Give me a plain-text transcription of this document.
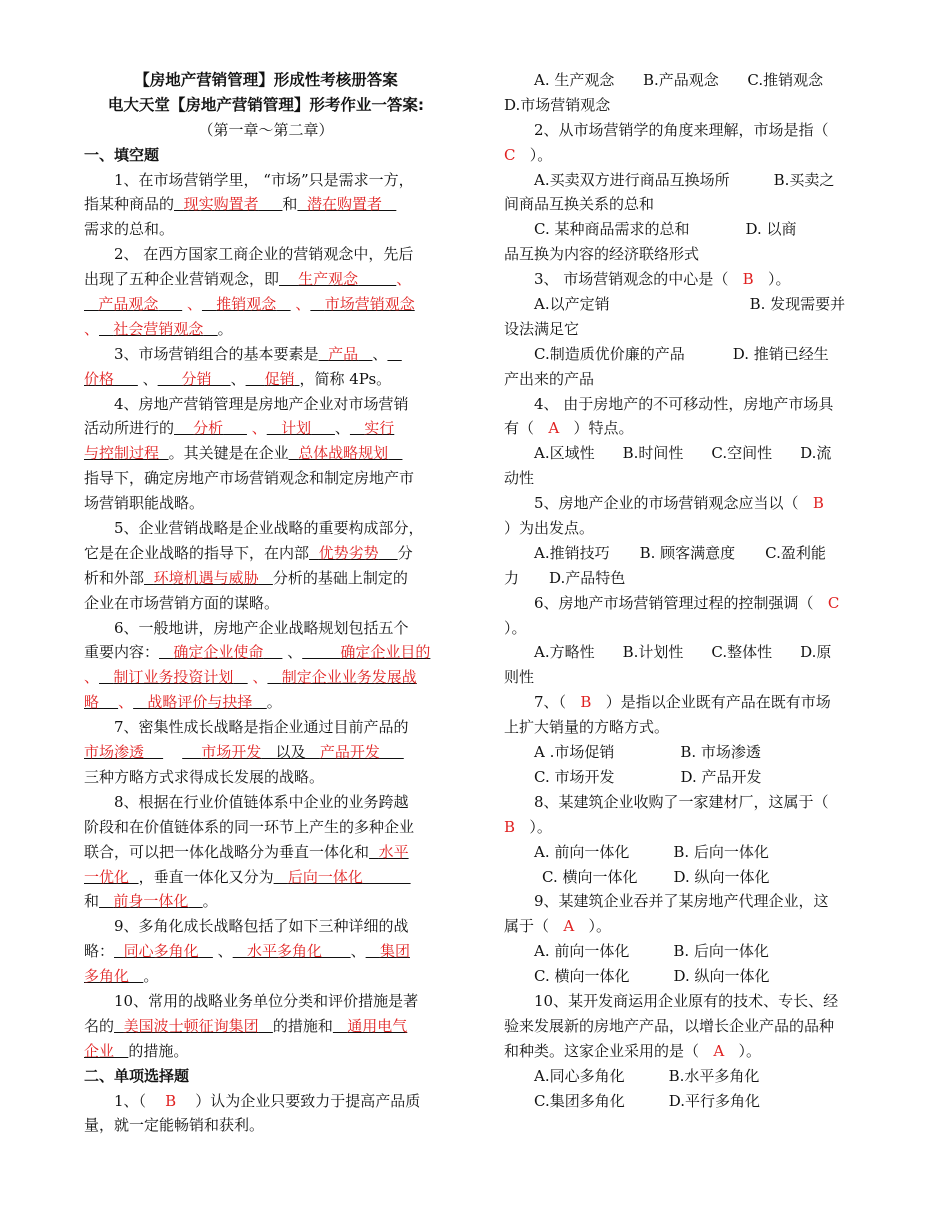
【房地产营销管理】形成性考核册答案
电大天堂【房地产营销管理】形考作业一答案:
（第一章～第二章）
一、填空题
1、在市场营销学里， “市场”只是需求一方，
指某种商品的 现实购置者 和 潜在购置者
需求的总和。
2、 在西方国家工商企业的营销观念中，先后
出现了五种企业营销观念，即 生产观念	、
产品观念      、 推销观念    、 市场营销观念
、 社会营销观念 。
3、市场营销组合的基本要素是 产品 、
价格      、 分销 、 促销 ，简称 4Ps。
4、房地产营销管理是房地产企业对市场营销
活动所进行的 分析 、 计划 、 实行
与控制过程 。其关键是在企业 总体战略规划
指导下，确定房地产市场营销观念和制定房地产市
场营销职能战略。
5、企业营销战略是企业战略的重要构成部分，
它是在企业战略的指导下，在内部 优势劣势 分
析和外部 环境机遇与威胁 分析的基础上制定的
企业在市场营销方面的谋略。
6、一般地讲，房地产企业战略规划包括五个
重要内容： 确定企业使命     、	确定企业目的
、 制订业务投资计划 、 制定企业业务发展战
略 、 战略评价与抉择 。
7、密集性成长战略是指企业通过目前产品的
市场渗透	市场开发 以及 产品开发
三种方略方式求得成长发展的战略。
8、根据在行业价值链体系中企业的业务跨越
阶段和在价值链体系的同一环节上产生的多种企业
联合，可以把一体化战略分为垂直一体化和 水平
一优化 ，垂直一体化又分为 后向一体化
和 前身一体化 。
9、多角化成长战略包括了如下三种详细的战
略： 同心多角化    、 水平多角化 、 集团
多角化 。
10、常用的战略业务单位分类和评价措施是著
名的 美国波士顿征询集团 的措施和 通用电气
企业 的措施。
二、单项选择题
1、（ B ）认为企业只要致力于提高产品质
量，就一定能畅销和获利。
A. 生产观念 B.产品观念 C.推销观念
D.市场营销观念
2、从市场营销学的角度来理解，市场是指（
C ）。
A.买卖双方进行商品互换场所	B.买卖之
间商品互换关系的总和
C. 某种商品需求的总和	D. 以商
品互换为内容的经济联络形式
3、 市场营销观念的中心是（ B ）。
A.以产定销	B. 发现需要并
设法满足它
C.制造质优价廉的产品	D. 推销已经生
产出来的产品
4、 由于房地产的不可移动性，房地产市场具
有（ A ）特点。
A.区域性 B.时间性 C.空间性 D.流
动性
5、房地产企业的市场营销观念应当以（ B
）为出发点。
A.推销技巧 B. 顾客满意度 C.盈利能
力 D.产品特色
6、房地产市场营销管理过程的控制强调（ C
）。
A.方略性 B.计划性 C.整体性 D.原
则性
7、（ B ）是指以企业既有产品在既有市场
上扩大销量的方略方式。
A .市场促销	B. 市场渗透
C. 市场开发	D. 产品开发
8、某建筑企业收购了一家建材厂，这属于（
B ）。
A. 前向一体化	B. 后向一体化
C. 横向一体化 D. 纵向一体化
9、某建筑企业吞并了某房地产代理企业，这
属于（ A ）。
A. 前向一体化	B. 后向一体化
C. 横向一体化	D. 纵向一体化
10、某开发商运用企业原有的技术、专长、经
验来发展新的房地产产品，以增长企业产品的品种
和种类。这家企业采用的是（ A ）。
A.同心多角化	B.水平多角化
C.集团多角化	D.平行多角化
